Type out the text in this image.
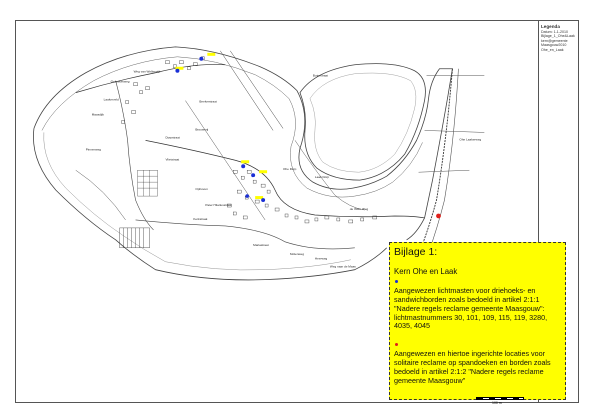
Weg van Wellerwijk
Groeskesweg
Laakerveld
Boterstraat
Maasdijk
Beekerstraat
Dorpstraat
Pater Hilariusstraat
Ohe Dorp
Laak Dorp
Vlietstraat
Ophoven
Pinnenweg
Kerkstraat
Mariastraat
Molenweg
Heerweg
Ohe Laakerweg
de Witte Weg
Weg naar de Maas
Brouwerij
Legenda
Datum: 1-1-2010
Bijlage_1_Ohe&Laak
kern@gemeente
Maasgouw2010
Ohe_en_Laak
Bijlage 1:
Kern Ohe en Laak
Aangewezen lichtmasten voor driehoeks- en sandwichborden zoals bedoeld in artikel 2:1:1 "Nadere regels reclame gemeente Maasgouw": lichtmastnummers 30, 101, 109, 115, 119, 3280, 4035, 4045
Aangewezen en hiertoe ingerichte locaties voor solitaire reclame op spandoeken en borden zoals bedoeld in artikel 2:1:2 "Nadere regels reclame gemeente Maasgouw"
100 m
